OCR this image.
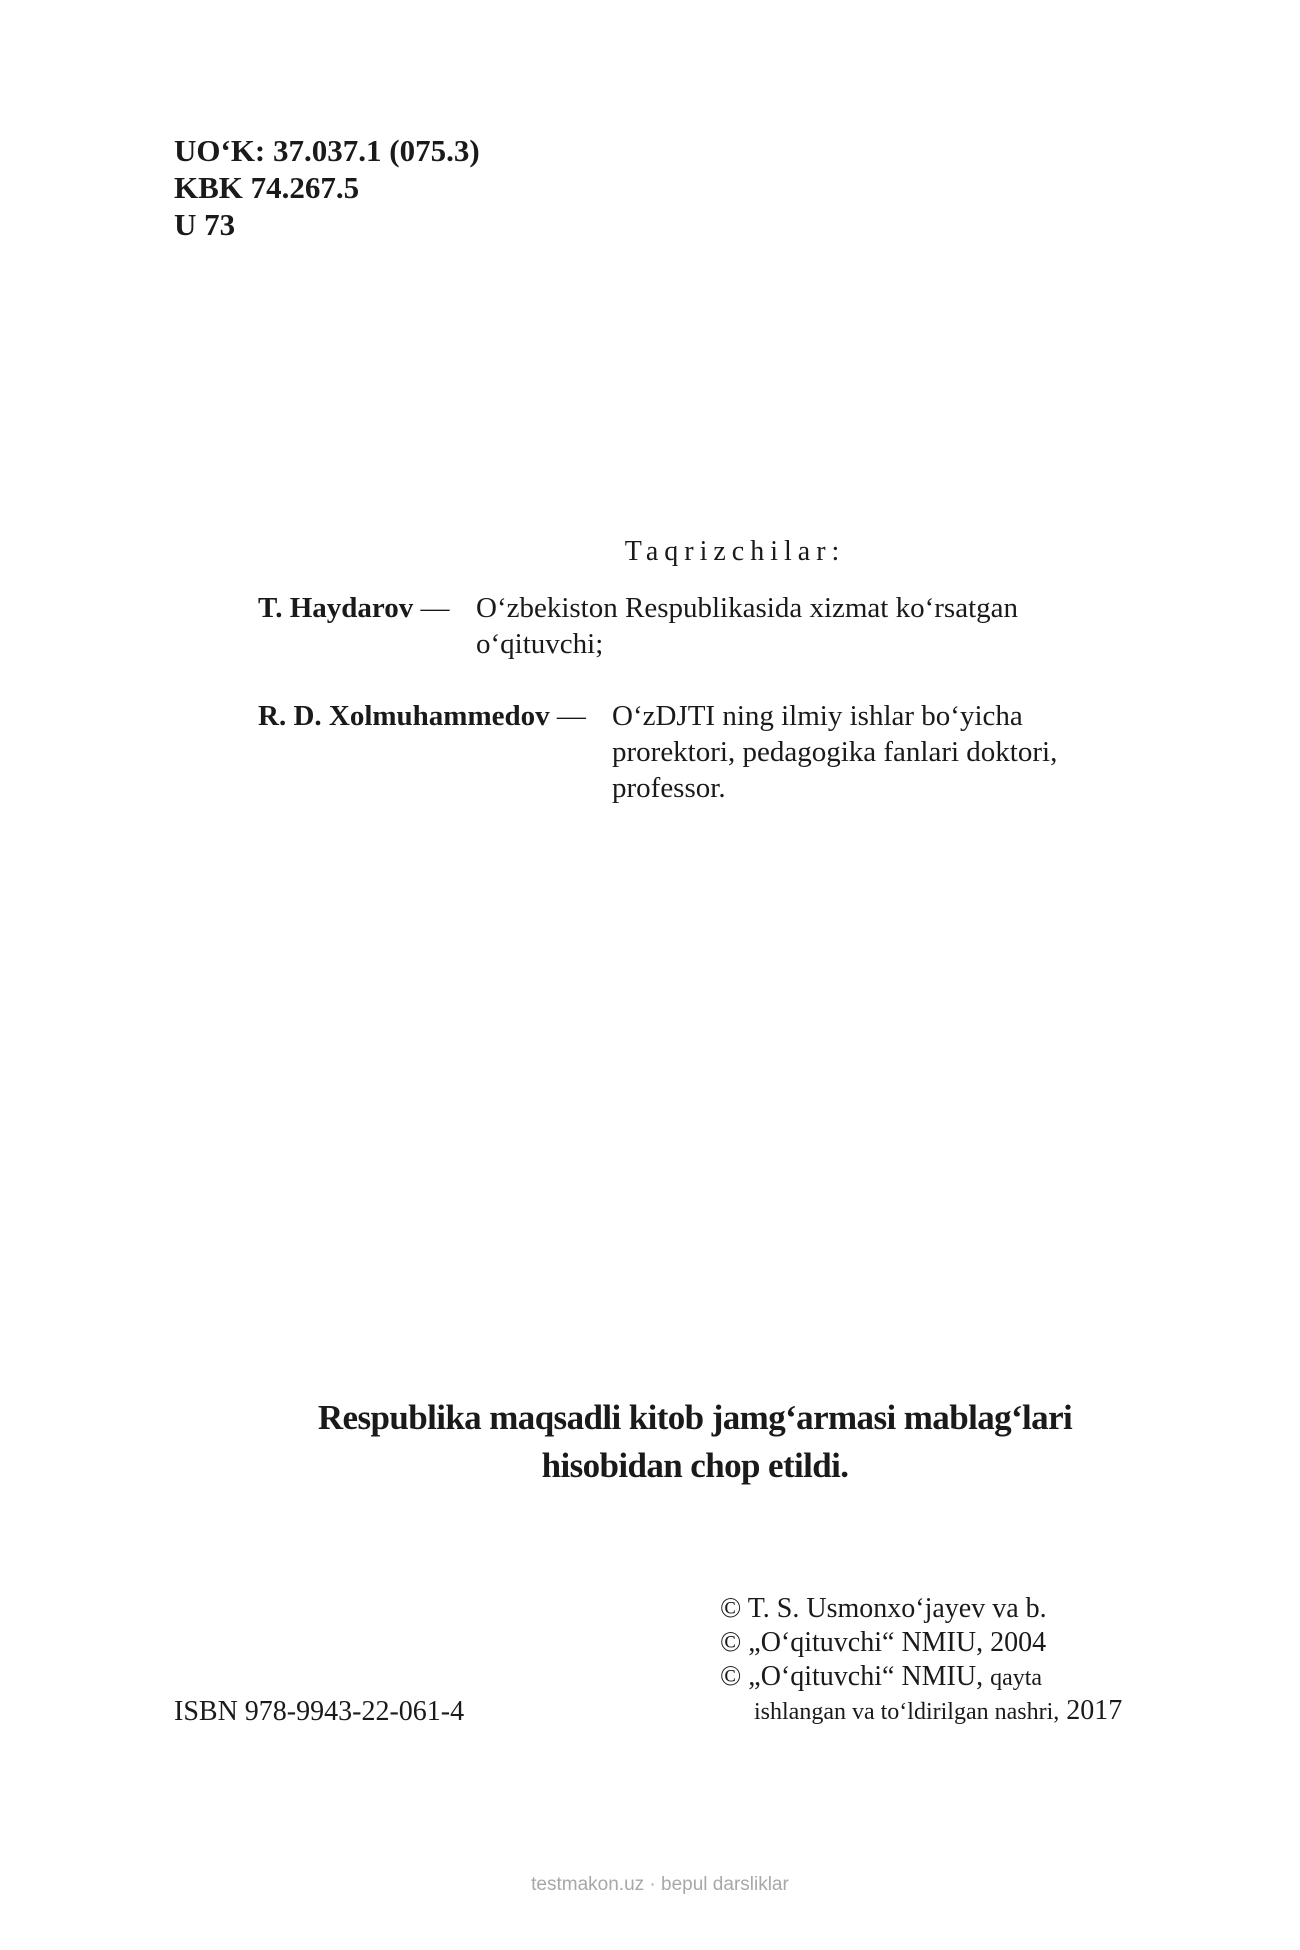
UO‘K: 37.037.1 (075.3)
KBK 74.267.5
U 73
Taqrizchilar:
T. Haydarov — O‘zbekiston Respublikasida xizmat ko‘rsatgan
o‘qituvchi;
R. D. Xolmuhammedov — O‘zDJTI ning ilmiy ishlar bo‘yicha
prorektori, pedagogika fanlari doktori,
professor.
Respublika maqsadli kitob jamg‘armasi mablag‘lari
hisobidan chop etildi.
© T. S. Usmonxo‘jayev va b.
© „O‘qituvchi“ NMIU, 2004
© „O‘qituvchi“ NMIU, qayta
ishlangan va to‘ldirilgan nashri, 2017
ISBN 978-9943-22-061-4
testmakon.uz · bepul darsliklar
